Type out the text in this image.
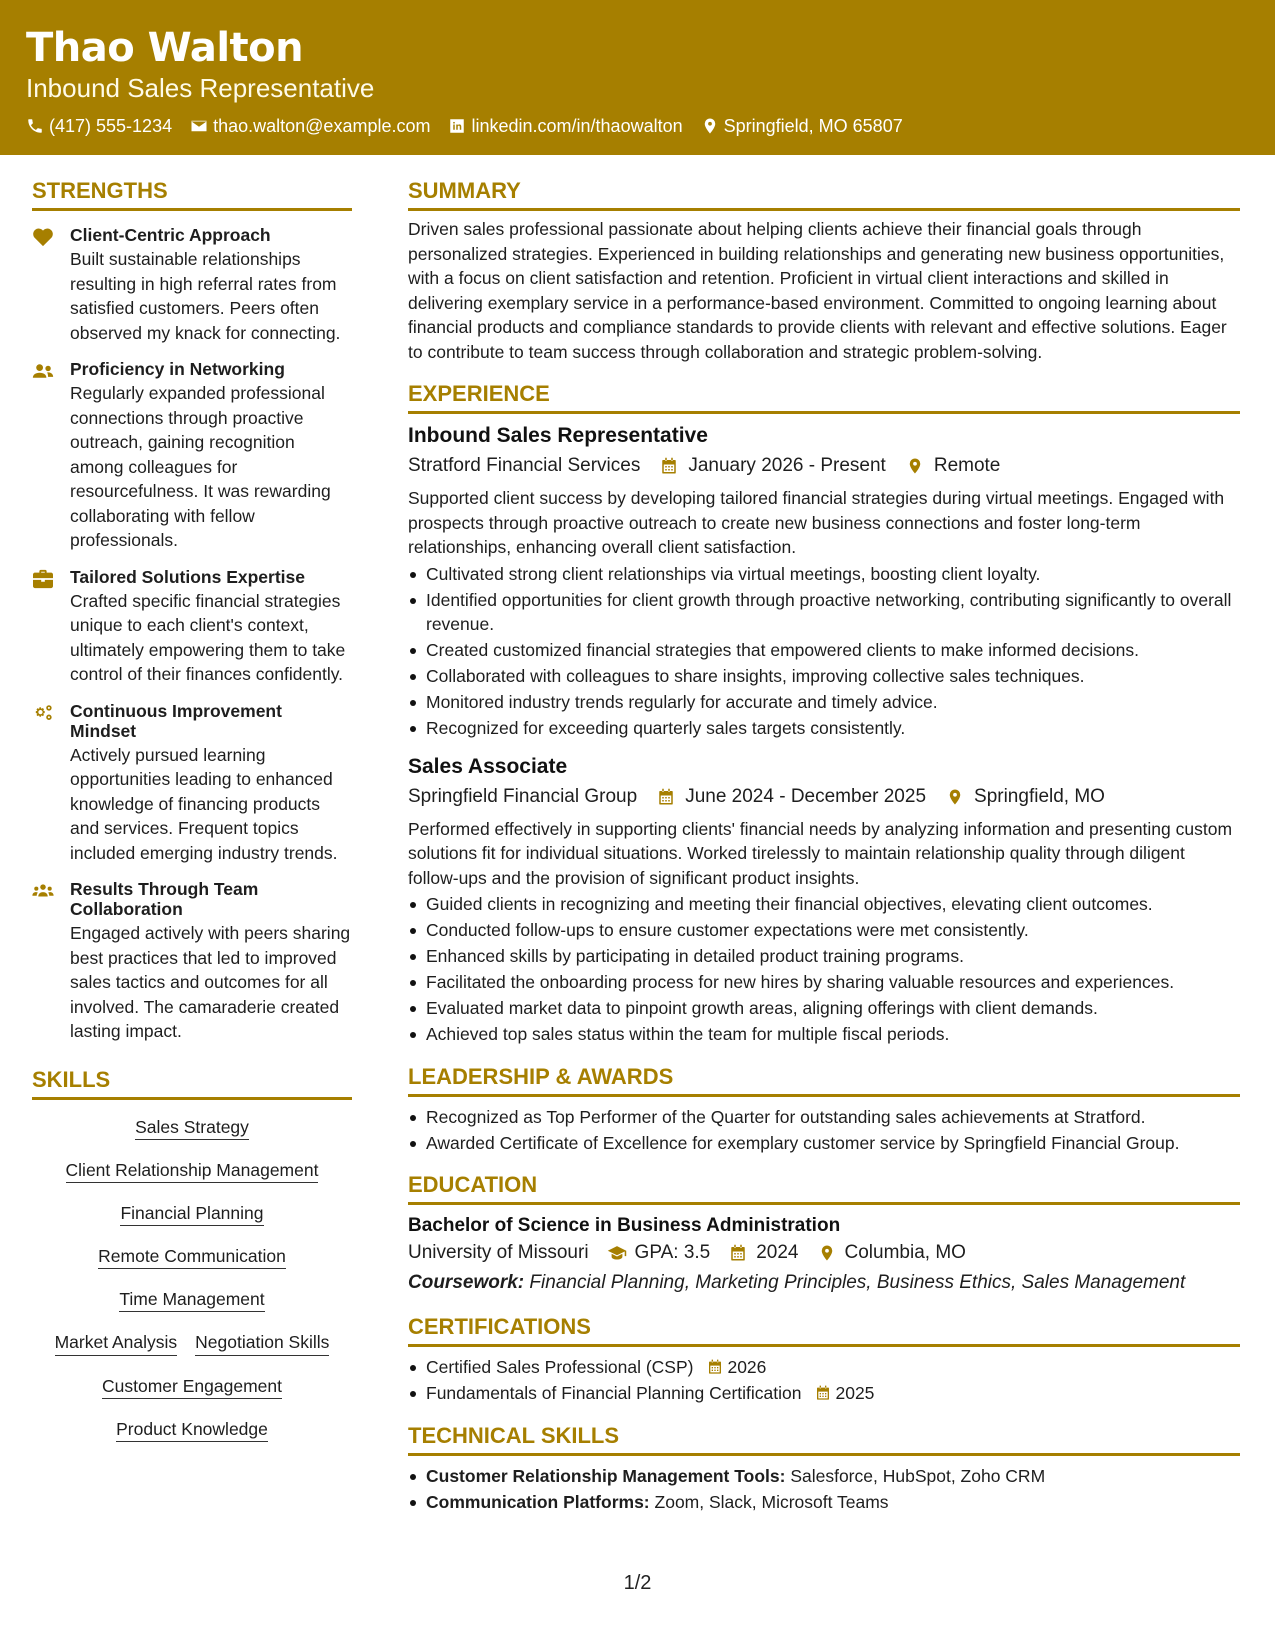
Thao Walton
Inbound Sales Representative
(417) 555-1234 thao.walton@example.com linkedin.com/in/thaowalton Springfield, MO 65807
STRENGTHS
Client-Centric Approach
Built sustainable relationships resulting in high referral rates from satisfied customers. Peers often observed my knack for connecting.
Proficiency in Networking
Regularly expanded professional connections through proactive outreach, gaining recognition among colleagues for resourcefulness. It was rewarding collaborating with fellow professionals.
Tailored Solutions Expertise
Crafted specific financial strategies unique to each client's context, ultimately empowering them to take control of their finances confidently.
Continuous Improvement Mindset
Actively pursued learning opportunities leading to enhanced knowledge of financing products and services. Frequent topics included emerging industry trends.
Results Through Team Collaboration
Engaged actively with peers sharing best practices that led to improved sales tactics and outcomes for all involved. The camaraderie created lasting impact.
SKILLS
Sales Strategy
Client Relationship Management
Financial Planning
Remote Communication
Time Management
Market Analysis Negotiation Skills
Customer Engagement
Product Knowledge
SUMMARY
Driven sales professional passionate about helping clients achieve their financial goals through personalized strategies. Experienced in building relationships and generating new business opportunities, with a focus on client satisfaction and retention. Proficient in virtual client interactions and skilled in delivering exemplary service in a performance-based environment. Committed to ongoing learning about financial products and compliance standards to provide clients with relevant and effective solutions. Eager to contribute to team success through collaboration and strategic problem-solving.
EXPERIENCE
Inbound Sales Representative
Stratford Financial Services	January 2026 - Present	Remote
Supported client success by developing tailored financial strategies during virtual meetings. Engaged with prospects through proactive outreach to create new business connections and foster long-term relationships, enhancing overall client satisfaction.
Cultivated strong client relationships via virtual meetings, boosting client loyalty.
Identified opportunities for client growth through proactive networking, contributing significantly to overall revenue.
Created customized financial strategies that empowered clients to make informed decisions.
Collaborated with colleagues to share insights, improving collective sales techniques.
Monitored industry trends regularly for accurate and timely advice.
Recognized for exceeding quarterly sales targets consistently.
Sales Associate
Springfield Financial Group	June 2024 - December 2025	Springfield, MO
Performed effectively in supporting clients' financial needs by analyzing information and presenting custom solutions fit for individual situations. Worked tirelessly to maintain relationship quality through diligent follow-ups and the provision of significant product insights.
Guided clients in recognizing and meeting their financial objectives, elevating client outcomes.
Conducted follow-ups to ensure customer expectations were met consistently.
Enhanced skills by participating in detailed product training programs.
Facilitated the onboarding process for new hires by sharing valuable resources and experiences.
Evaluated market data to pinpoint growth areas, aligning offerings with client demands.
Achieved top sales status within the team for multiple fiscal periods.
LEADERSHIP & AWARDS
Recognized as Top Performer of the Quarter for outstanding sales achievements at Stratford.
Awarded Certificate of Excellence for exemplary customer service by Springfield Financial Group.
EDUCATION
Bachelor of Science in Business Administration
University of Missouri GPA: 3.5 2024 Columbia, MO
Coursework: Financial Planning, Marketing Principles, Business Ethics, Sales Management
CERTIFICATIONS
Certified Sales Professional (CSP) 2026
Fundamentals of Financial Planning Certification 2025
TECHNICAL SKILLS
Customer Relationship Management Tools: Salesforce, HubSpot, Zoho CRM
Communication Platforms: Zoom, Slack, Microsoft Teams
1/2
